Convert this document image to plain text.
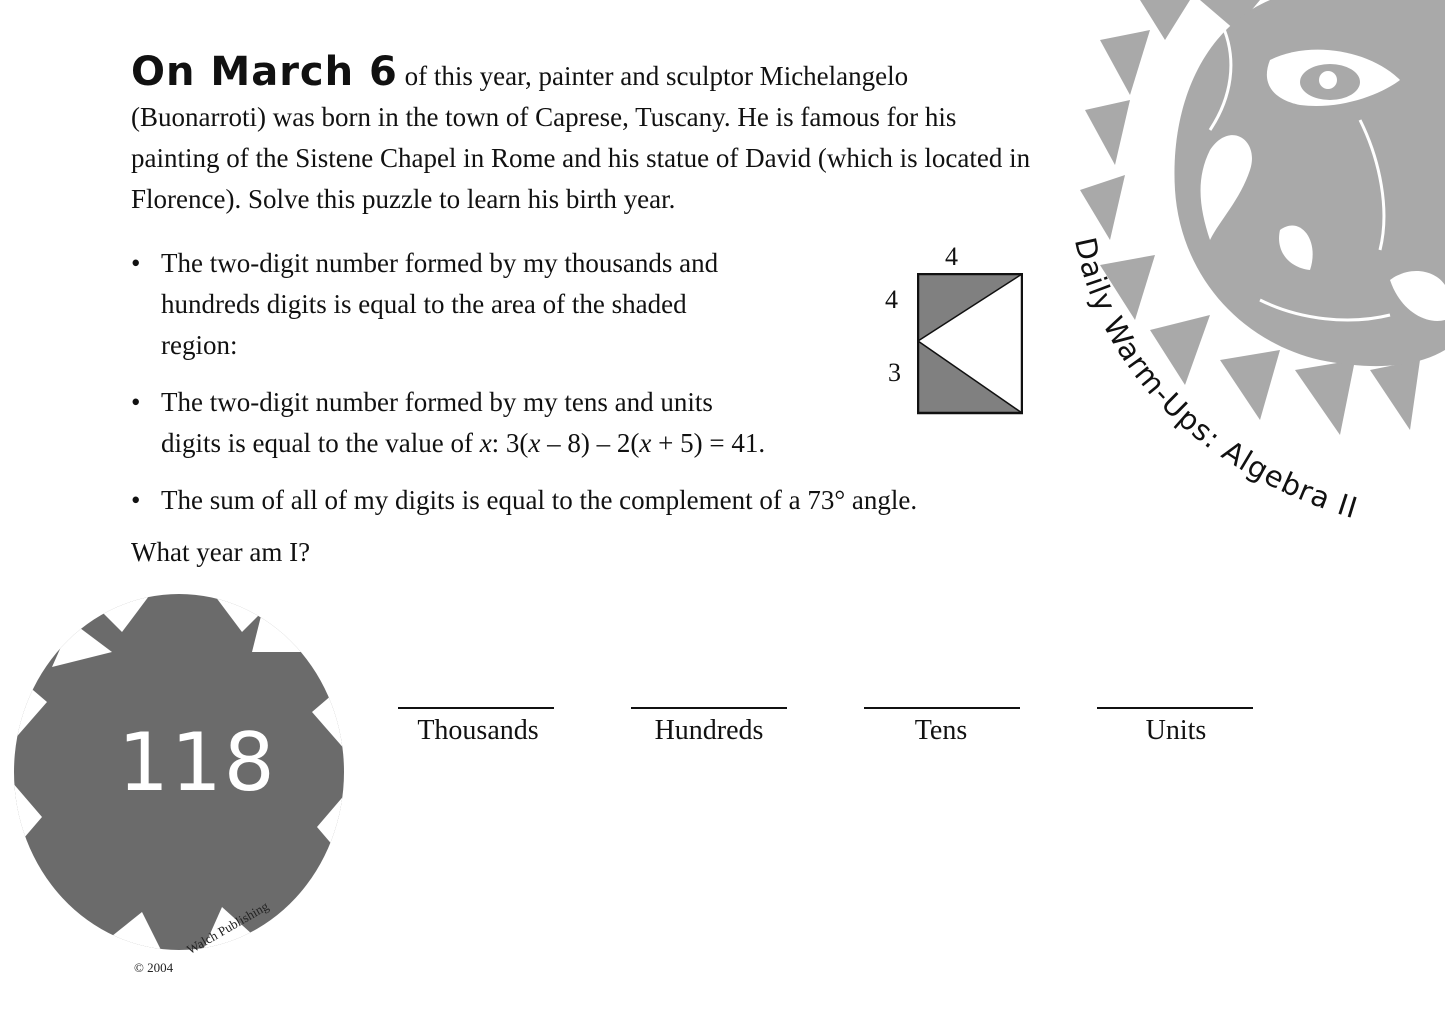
Daily Warm-Ups: Algebra II
On March 6 of this year, painter and sculptor Michelangelo (Buonarroti) was born in the town of Caprese, Tuscany. He is famous for his painting of the Sistene Chapel in Rome and his statue of David (which is located in Florence). Solve this puzzle to learn his birth year.
• The two-digit number formed by my thousands and
hundreds digits is equal to the area of the shaded
region:
• The two-digit number formed by my tens and units
digits is equal to the value of x: 3(x – 8) – 2(x + 5) = 41.
• The sum of all of my digits is equal to the complement of a 73° angle.
What year am I?
4
4
3
Thousands	Hundreds	Tens	Units
118
© 2004
Walch Publishing
